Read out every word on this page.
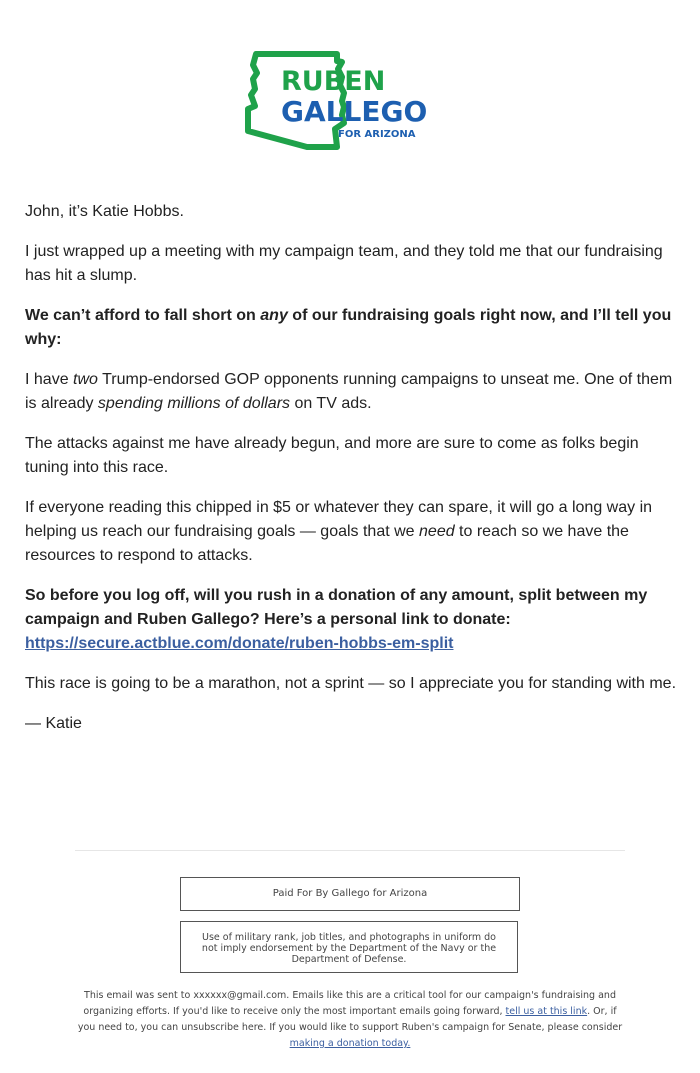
RUBEN
GALLEGO
FOR ARIZONA

John, it’s Katie Hobbs.

I just wrapped up a meeting with my campaign team, and they told me that our fundraising has hit a slump.

We can’t afford to fall short on any of our fundraising goals right now, and I’ll tell you why:

I have two Trump-endorsed GOP opponents running campaigns to unseat me. One of them is already spending millions of dollars on TV ads.

The attacks against me have already begun, and more are sure to come as folks begin tuning into this race.

If everyone reading this chipped in $5 or whatever they can spare, it will go a long way in helping us reach our fundraising goals — goals that we need to reach so we have the resources to respond to attacks.

So before you log off, will you rush in a donation of any amount, split between my campaign and Ruben Gallego? Here’s a personal link to donate:
https://secure.actblue.com/donate/ruben-hobbs-em-split

This race is going to be a marathon, not a sprint — so I appreciate you for standing with me.

— Katie

Paid For By Gallego for Arizona
Use of military rank, job titles, and photographs in uniform do not imply endorsement by the Department of the Navy or the Department of Defense.
This email was sent to xxxxxx@gmail.com. Emails like this are a critical tool for our campaign's fundraising and organizing efforts. If you'd like to receive only the most important emails going forward, tell us at this link. Or, if you need to, you can unsubscribe here. If you would like to support Ruben's campaign for Senate, please consider making a donation today.
